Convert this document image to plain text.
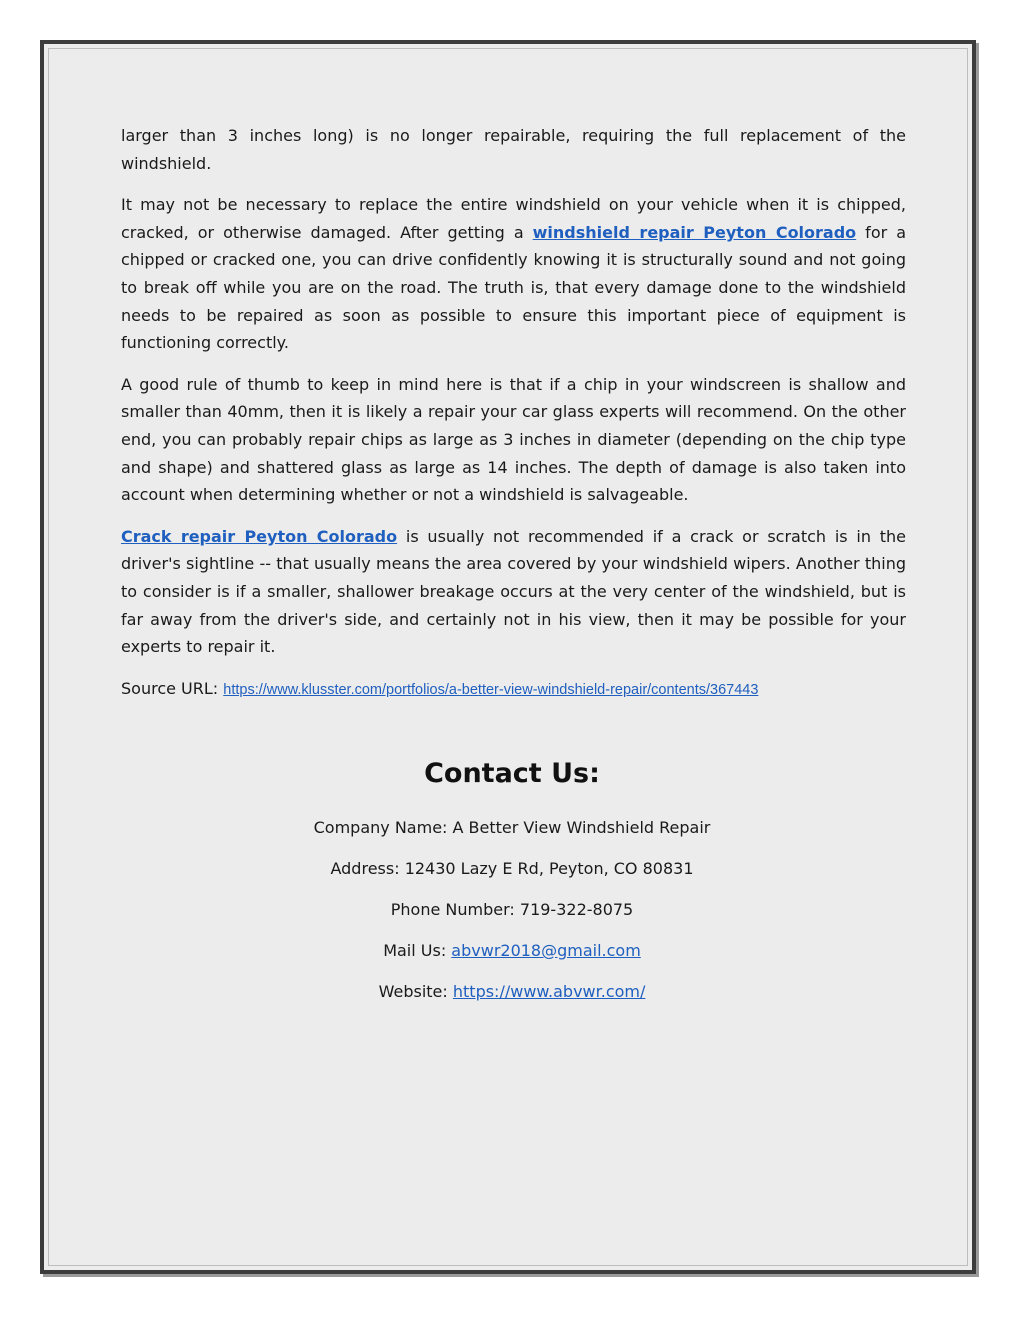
larger than 3 inches long) is no longer repairable, requiring the full replacement of the windshield.

It may not be necessary to replace the entire windshield on your vehicle when it is chipped, cracked, or otherwise damaged. After getting a windshield repair Peyton Colorado for a chipped or cracked one, you can drive confidently knowing it is structurally sound and not going to break off while you are on the road. The truth is, that every damage done to the windshield needs to be repaired as soon as possible to ensure this important piece of equipment is functioning correctly.

A good rule of thumb to keep in mind here is that if a chip in your windscreen is shallow and smaller than 40mm, then it is likely a repair your car glass experts will recommend. On the other end, you can probably repair chips as large as 3 inches in diameter (depending on the chip type and shape) and shattered glass as large as 14 inches. The depth of damage is also taken into account when determining whether or not a windshield is salvageable.

Crack repair Peyton Colorado is usually not recommended if a crack or scratch is in the driver's sightline -- that usually means the area covered by your windshield wipers. Another thing to consider is if a smaller, shallower breakage occurs at the very center of the windshield, but is far away from the driver's side, and certainly not in his view, then it may be possible for your experts to repair it.

Source URL: https://www.klusster.com/portfolios/a-better-view-windshield-repair/contents/367443

Contact Us:
Company Name: A Better View Windshield Repair
Address: 12430 Lazy E Rd, Peyton, CO 80831
Phone Number: 719-322-8075
Mail Us: abvwr2018@gmail.com
Website: https://www.abvwr.com/
